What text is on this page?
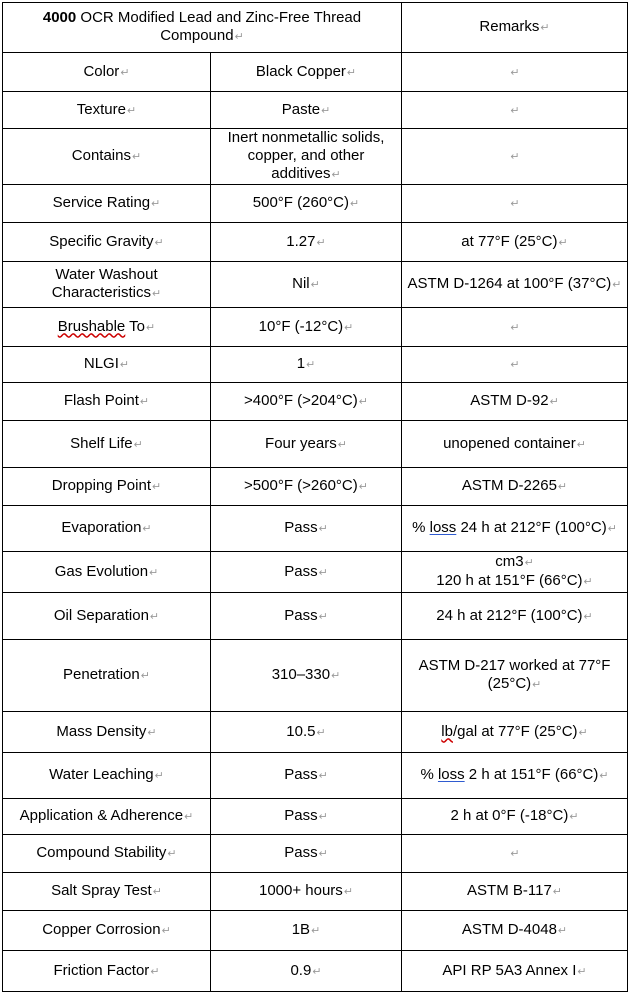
4000 OCR Modified Lead and Zinc-Free Thread Compound↵		Remarks↵
Color↵	Black Copper↵	↵
Texture↵	Paste↵	↵
Contains↵	Inert nonmetallic solids, copper, and other additives↵	↵
Service Rating↵	500°F (260°C)↵	↵
Specific Gravity↵	1.27↵	at 77°F (25°C)↵
Water Washout Characteristics↵	Nil↵	ASTM D-1264 at 100°F (37°C)↵
Brushable To↵	10°F (-12°C)↵	↵
NLGI↵	1↵	↵
Flash Point↵	>400°F (>204°C)↵	ASTM D-92↵
Shelf Life↵	Four years↵	unopened container↵
Dropping Point↵	>500°F (>260°C)↵	ASTM D-2265↵
Evaporation↵	Pass↵	% loss 24 h at 212°F (100°C)↵
Gas Evolution↵	Pass↵	cm3↵
120 h at 151°F (66°C)↵
Oil Separation↵	Pass↵	24 h at 212°F (100°C)↵
Penetration↵	310–330↵	ASTM D-217 worked at 77°F (25°C)↵
Mass Density↵	10.5↵	lb/gal at 77°F (25°C)↵
Water Leaching↵	Pass↵	% loss 2 h at 151°F (66°C)↵
Application & Adherence↵	Pass↵	2 h at 0°F (-18°C)↵
Compound Stability↵	Pass↵	↵
Salt Spray Test↵	1000+ hours↵	ASTM B-117↵
Copper Corrosion↵	1B↵	ASTM D-4048↵
Friction Factor↵	0.9↵	API RP 5A3 Annex I↵
